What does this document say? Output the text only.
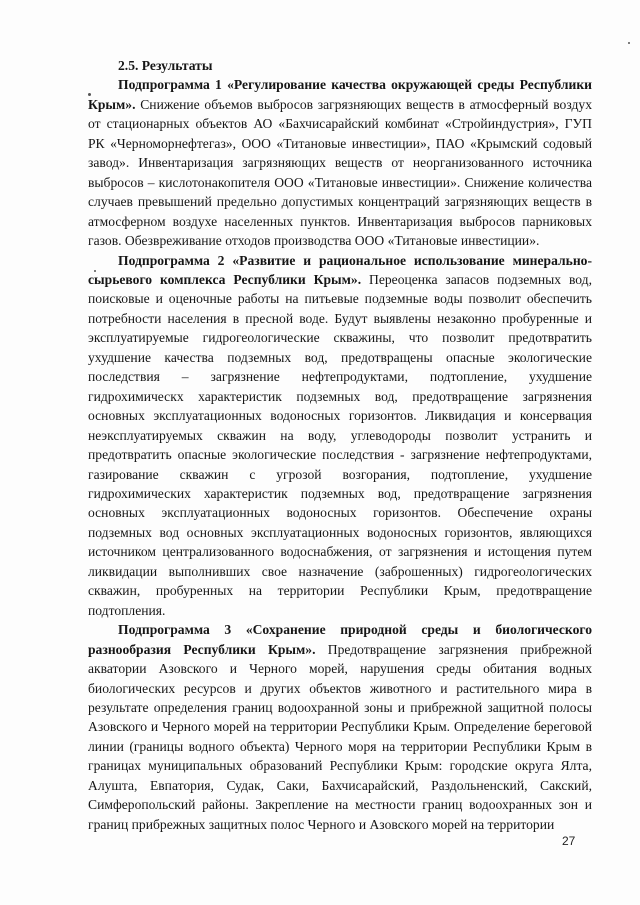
2.5. Результаты

Подпрограмма 1 «Регулирование качества окружающей среды Республики Крым». Снижение объемов выбросов загрязняющих веществ в атмосферный воздух от стационарных объектов АО «Бахчисарайский комбинат «Стройиндустрия», ГУП РК «Черноморнефтегаз», ООО «Титановые инвестиции», ПАО «Крымский содовый завод». Инвентаризация загрязняющих веществ от неорганизованного источника выбросов – кислотонакопителя ООО «Титановые инвестиции». Снижение количества случаев превышений предельно допустимых концентраций загрязняющих веществ в атмосферном воздухе населенных пунктов. Инвентаризация выбросов парниковых газов. Обезвреживание отходов производства ООО «Титановые инвестиции».

Подпрограмма 2 «Развитие и рациональное использование минерально-сырьевого комплекса Республики Крым». Переоценка запасов подземных вод, поисковые и оценочные работы на питьевые подземные воды позволит обеспечить потребности населения в пресной воде. Будут выявлены незаконно пробуренные и эксплуатируемые гидрогеологические скважины, что позволит предотвратить ухудшение качества подземных вод, предотвращены опасные экологические последствия – загрязнение нефтепродуктами, подтопление, ухудшение гидрохимическх характеристик подземных вод, предотвращение загрязнения основных эксплуатационных водоносных горизонтов. Ликвидация и консервация неэксплуатируемых скважин на воду, углеводороды позволит устранить и предотвратить опасные экологические последствия - загрязнение нефтепродуктами, газирование скважин с угрозой возгорания, подтопление, ухудшение гидрохимических характеристик подземных вод, предотвращение загрязнения основных эксплуатационных водоносных горизонтов. Обеспечение охраны подземных вод основных эксплуатационных водоносных горизонтов, являющихся источником централизованного водоснабжения, от загрязнения и истощения путем ликвидации выполнивших свое назначение (заброшенных) гидрогеологических скважин, пробуренных на территории Республики Крым, предотвращение подтопления.

Подпрограмма 3 «Сохранение природной среды и биологического разнообразия Республики Крым». Предотвращение загрязнения прибрежной акватории Азовского и Черного морей, нарушения среды обитания водных биологических ресурсов и других объектов животного и растительного мира в результате определения границ водоохранной зоны и прибрежной защитной полосы Азовского и Черного морей на территории Республики Крым. Определение береговой линии (границы водного объекта) Черного моря на территории Республики Крым в границах муниципальных образований Республики Крым: городские округа Ялта, Алушта, Евпатория, Судак, Саки, Бахчисарайский, Раздольненский, Сакский, Симферопольский районы. Закрепление на местности границ водоохранных зон и границ прибрежных защитных полос Черного и Азовского морей на территории

27
